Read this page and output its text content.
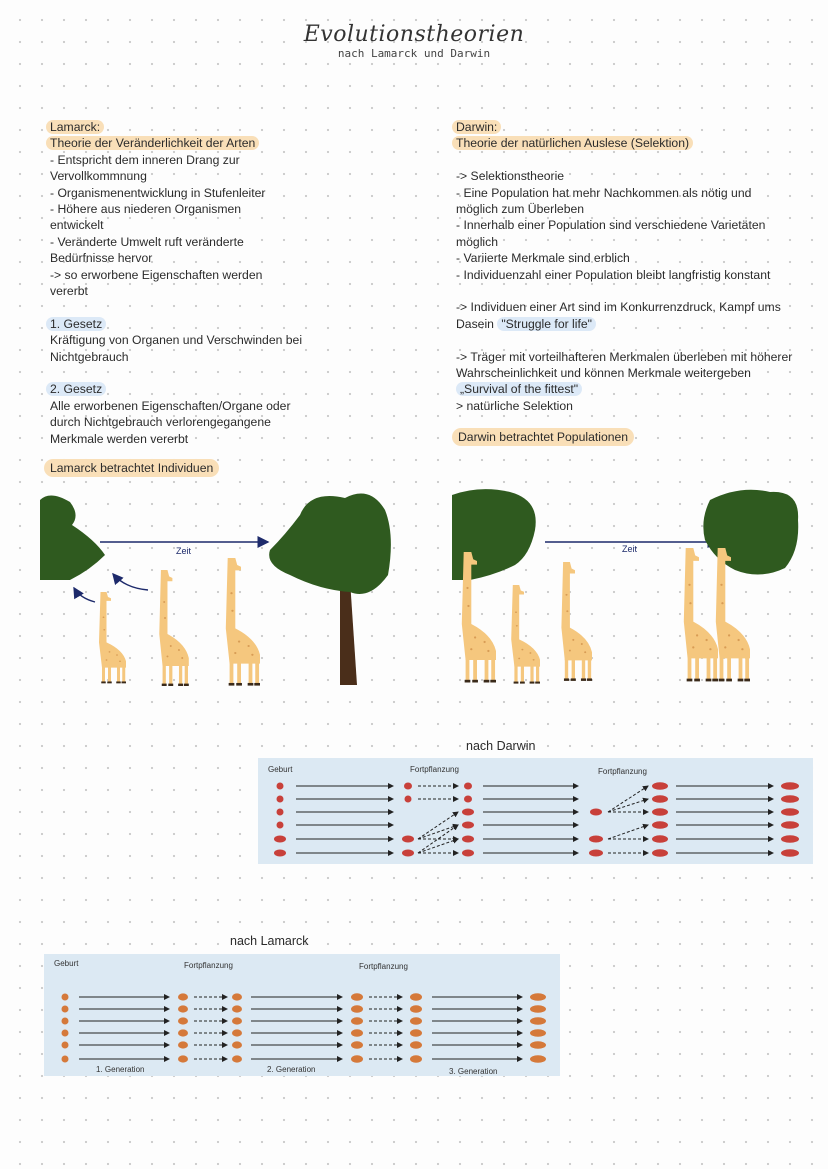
Evolutionstheorien
nach Lamarck und Darwin

Lamarck:

Theorie der Veränderlichkeit der Arten

- Entspricht dem inneren Drang zur Vervollkommnung

- Organismenentwicklung in Stufenleiter

- Höhere aus niederen Organismen entwickelt

- Veränderte Umwelt ruft veränderte Bedürfnisse hervor

-> so erworbene Eigenschaften werden vererbt

1. Gesetz

Kräftigung von Organen und Verschwinden bei Nichtgebrauch

2. Gesetz

Alle erworbenen Eigenschaften/Organe oder durch Nichtgebrauch verlorengegangene Merkmale werden vererbt

Lamarck betrachtet Individuen

Darwin:

Theorie der natürlichen Auslese (Selektion)

-> Selektionstheorie

- Eine Population hat mehr Nachkommen als nötig und möglich zum Überleben

- Innerhalb einer Population sind verschiedene Varietäten möglich

- Variierte Merkmale sind erblich

- Individuenzahl einer Population bleibt langfristig konstant

-> Individuen einer Art sind im Konkurrenzdruck, Kampf ums Dasein "Struggle for life"

-> Träger mit vorteilhafteren Merkmalen überleben mit höherer Wahrscheinlichkeit und können Merkmale weitergeben „Survival of the fittest"

> natürliche Selektion

Darwin betrachtet Populationen
Zeit	Zeit
nach Darwin
Geburt	Fortpflanzung	Fortpflanzung
nach Lamarck
Geburt	Fortpflanzung	Fortpflanzung
1. Generation	2. Generation	3. Generation
